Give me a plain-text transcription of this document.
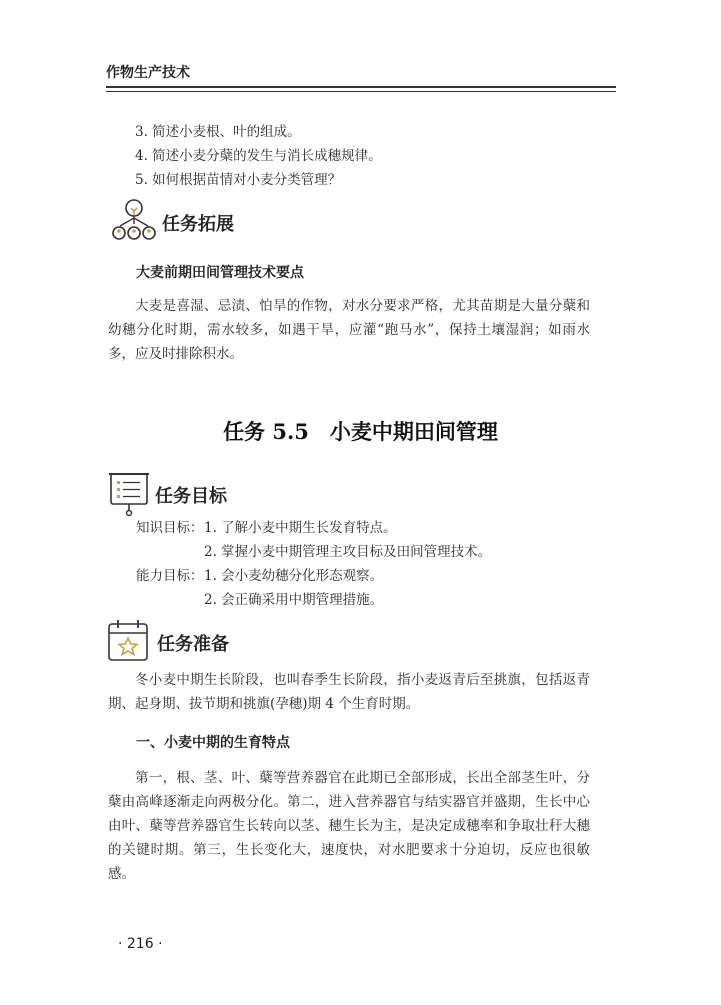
作物生产技术
3. 简述小麦根、叶的组成。
4. 简述小麦分蘖的发生与消长成穗规律。
5. 如何根据苗情对小麦分类管理？
任务拓展
大麦前期田间管理技术要点

大麦是喜湿、忌渍、怕旱的作物，对水分要求严格，尤其苗期是大量分蘖和幼穗分化时期，需水较多，如遇干旱，应灌“跑马水”，保持土壤湿润；如雨水多，应及时排除积水。

任务 5.5　小麦中期田间管理
任务目标
知识目标： 1. 了解小麦中期生长发育特点。
2. 掌握小麦中期管理主攻目标及田间管理技术。
能力目标： 1. 会小麦幼穗分化形态观察。
2. 会正确采用中期管理措施。
任务准备

冬小麦中期生长阶段，也叫春季生长阶段，指小麦返青后至挑旗，包括返青期、起身期、拔节期和挑旗(孕穗)期 4 个生育时期。

一、小麦中期的生育特点

第一，根、茎、叶、蘖等营养器官在此期已全部形成，长出全部茎生叶，分蘖由高峰逐渐走向两极分化。第二，进入营养器官与结实器官并盛期，生长中心由叶、蘖等营养器官生长转向以茎、穗生长为主，是决定成穗率和争取壮秆大穗的关键时期。第三，生长变化大，速度快，对水肥要求十分迫切，反应也很敏感。

· 216 ·
